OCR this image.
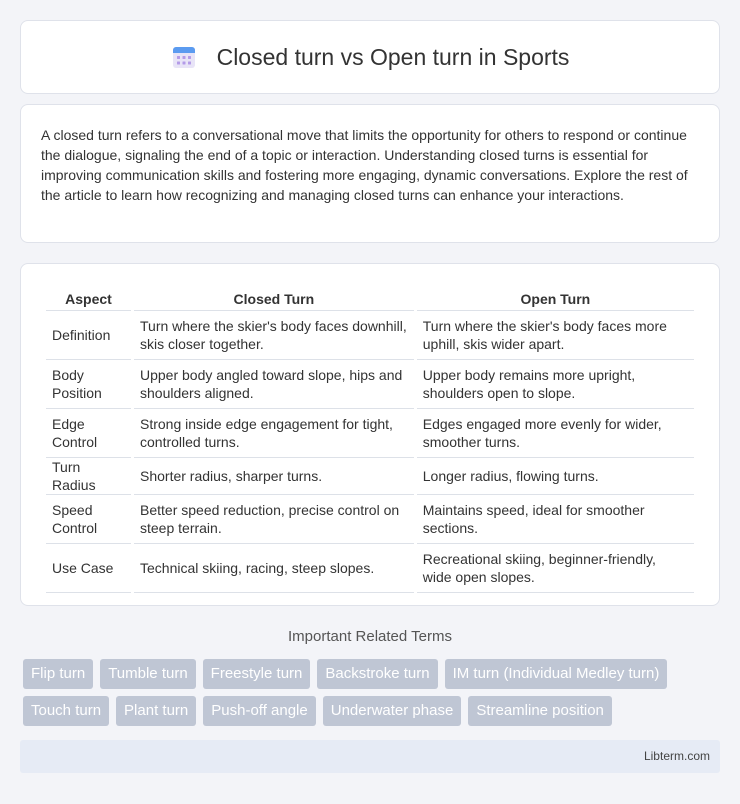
Closed turn vs Open turn in Sports

A closed turn refers to a conversational move that limits the opportunity for others to respond or continue the dialogue, signaling the end of a topic or interaction. Understanding closed turns is essential for improving communication skills and fostering more engaging, dynamic conversations. Explore the rest of the article to learn how recognizing and managing closed turns can enhance your interactions.

Aspect	Closed Turn	Open Turn
Definition	Turn where the skier's body faces downhill, skis closer together.	Turn where the skier's body faces more uphill, skis wider apart.
Body Position	Upper body angled toward slope, hips and shoulders aligned.	Upper body remains more upright, shoulders open to slope.
Edge Control	Strong inside edge engagement for tight, controlled turns.	Edges engaged more evenly for wider, smoother turns.
Turn Radius	Shorter radius, sharper turns.	Longer radius, flowing turns.
Speed Control	Better speed reduction, precise control on steep terrain.	Maintains speed, ideal for smoother sections.
Use Case	Technical skiing, racing, steep slopes.	Recreational skiing, beginner-friendly, wide open slopes.
Important Related Terms
Flip turn	Tumble turn	Freestyle turn	Backstroke turn	IM turn (Individual Medley turn)
Touch turn	Plant turn	Push-off angle	Underwater phase	Streamline position
Libterm.com
